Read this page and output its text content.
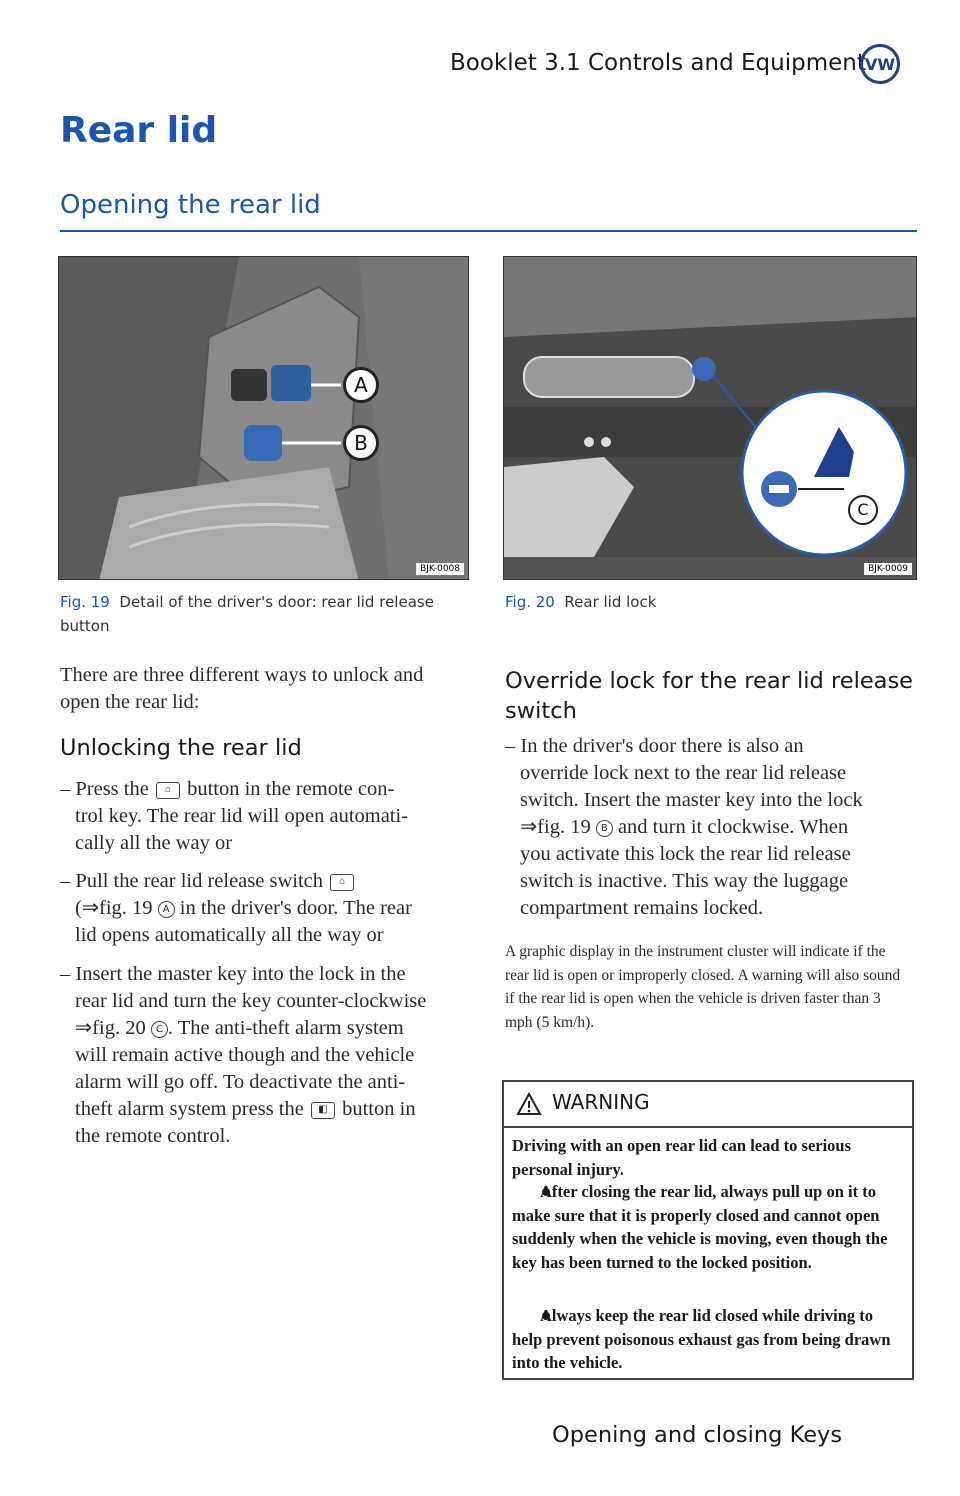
Booklet 3.1 Controls and Equipment VW
Rear lid
Opening the rear lid
A
B
BJK-0008
Fig. 19 Detail of the driver's door: rear lid release button
C
BJK-0009
Fig. 20 Rear lid lock
There are three different ways to unlock and open the rear lid:
Unlocking the rear lid
– Press the ⌂ button in the remote con-
trol key. The rear lid will open automati-
cally all the way or
– Pull the rear lid release switch ⌂
(⇒fig. 19 A in the driver's door. The rear
lid opens automatically all the way or
– Insert the master key into the lock in the
rear lid and turn the key counter-clockwise
⇒fig. 20 C . The anti-theft alarm system
will remain active though and the vehicle
alarm will go off. To deactivate the anti-
theft alarm system press the ◧ button in
the remote control.
Override lock for the rear lid release
switch
– In the driver's door there is also an
override lock next to the rear lid release
switch. Insert the master key into the lock
⇒fig. 19 B and turn it clockwise. When
you activate this lock the rear lid release
switch is inactive. This way the luggage
compartment remains locked.
A graphic display in the instrument cluster will indicate if the rear lid is open or improperly closed. A warning will also sound if the rear lid is open when the vehicle is driven faster than 3 mph (5 km/h).
WARNING
Driving with an open rear lid can lead to serious personal injury.
After closing the rear lid, always pull up on it to make sure that it is properly closed and cannot open suddenly when the vehicle is moving, even though the key has been turned to the locked position.
Always keep the rear lid closed while driving to help prevent poisonous exhaust gas from being drawn into the vehicle.
Opening and closing Keys
